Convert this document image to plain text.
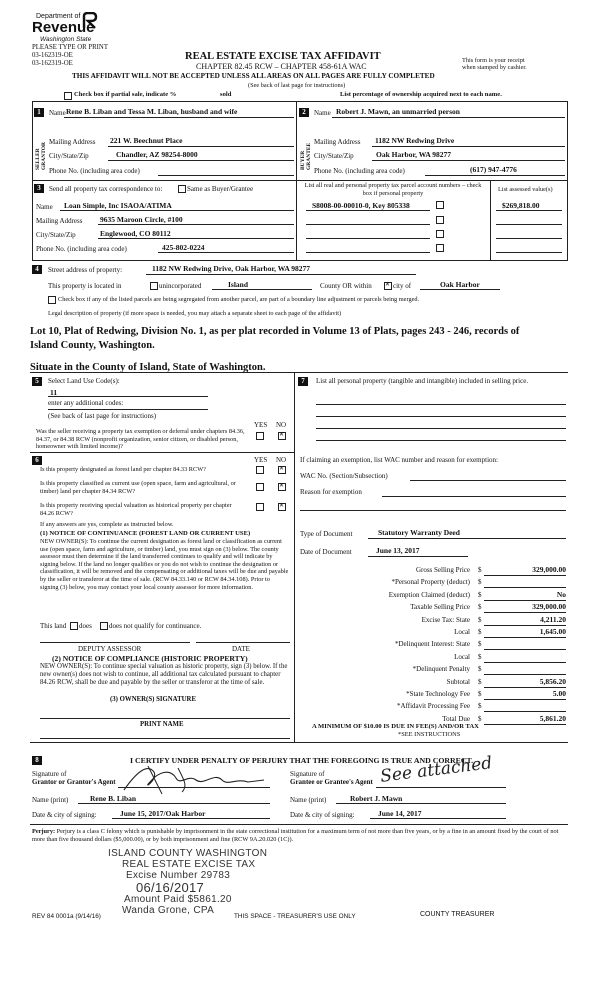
Department of
Revenue
Washington State
PLEASE TYPE OR PRINT
03-162319-OE
03-162319-OE
REAL ESTATE EXCISE TAX AFFIDAVIT
CHAPTER 82.45 RCW – CHAPTER 458-61A WAC
This form is your receipt
when stamped by cashier.
THIS AFFIDAVIT WILL NOT BE ACCEPTED UNLESS ALL AREAS ON ALL PAGES ARE FULLY COMPLETED
(See back of last page for instructions)
Check box if partial sale, indicate %	sold	List percentage of ownership acquired next to each name.
1	Name Rene B. Liban and Tessa M. Liban, husband and wife
SELLER GRANTOR Mailing Address 221 W. Beechnut Place
City/State/Zip	Chandler, AZ 98254-8000
Phone No. (including area code)
2	Name Robert J. Mawn, an unmarried person
BUYER GRANTEE
Mailing Address 1182 NW Redwing Drive
City/State/Zip	Oak Harbor, WA 98277
Phone No. (including area code)	(617) 947-4776
3	Send all property tax correspondence to:	Same as Buyer/Grantee
Name Loan Simple, Inc ISAOA/ATIMA
Mailing Address 9635 Maroon Circle, #100
City/State/Zip	Englewood, CO 80112
Phone No. (including area code)	425-802-0224
List all real and personal property tax parcel account numbers – check box if personal property
List assessed value(s)
S8008-00-00010-0, Key 805338	$269,818.00
4	Street address of property:	1182 NW Redwing Drive, Oak Harbor, WA 98277
This property is located in	unincorporated	Island	County OR within
✕	city of	Oak Harbor
Check box if any of the listed parcels are being segregated from another parcel, are part of a boundary line adjustment or parcels being merged.
Legal description of property (if more space is needed, you may attach a separate sheet to each page of the affidavit)
Lot 10, Plat of Redwing, Division No. 1, as per plat recorded in Volume 13 of Plats, pages 243 - 246, records of
Island County, Washington.
Situate in the County of Island, State of Washington.
5	Select Land Use Code(s):
11
enter any additional codes:
(See back of last page for instructions)
YES NO
Was the seller receiving a property tax exemption or deferral under chapters 84.36, 84.37, or 84.38 RCW (nonprofit organization, senior citizen, or disabled person, homeowner with limited income)?
✕
6	YES NO
Is this property designated as forest land per chapter 84.33 RCW?
✕
Is this property classified as current use (open space, farm and agricultural, or timber) land per chapter 84.34 RCW?
✕
Is this property receiving special valuation as historical property per chapter 84.26 RCW?
✕
If any answers are yes, complete as instructed below.
(1) NOTICE OF CONTINUANCE (FOREST LAND OR CURRENT USE)
NEW OWNER(S): To continue the current designation as forest land or classification as current use (open space, farm and agriculture, or timber) land, you must sign on (3) below. The county assessor must then determine if the land transferred continues to qualify and will indicate by signing below. If the land no longer qualifies or you do not wish to continue the designation or classification, it will be removed and the compensating or additional taxes will be due and payable by the seller or transferor at the time of sale. (RCW 84.33.140 or RCW 84.34.108). Prior to signing (3) below, you may contact your local county assessor for more information.
This land does does not qualify for continuance.
DEPUTY ASSESSOR	DATE
(2) NOTICE OF COMPLIANCE (HISTORIC PROPERTY)
NEW OWNER(S): To continue special valuation as historic property, sign (3) below. If the new owner(s) does not wish to continue, all additional tax calculated pursuant to chapter 84.26 RCW, shall be due and payable by the seller or transferor at the time of sale.
(3) OWNER(S) SIGNATURE
PRINT NAME
7	List all personal property (tangible and intangible) included in selling price.
If claiming an exemption, list WAC number and reason for exemption:
WAC No. (Section/Subsection)
Reason for exemption
Type of Document	Statutory Warranty Deed
Date of Document	June 13, 2017
Gross Selling Price $	329,000.00
*Personal Property (deduct) $
Exemption Claimed (deduct) $	No
Taxable Selling Price $	329,000.00
Excise Tax: State $	4,211.20
Local $	1,645.00
*Delinquent Interest: State $
Local $
*Delinquent Penalty $
Subtotal $	5,856.20
*State Technology Fee $	5.00
*Affidavit Processing Fee $
Total Due $	5,861.20
A MINIMUM OF $10.00 IS DUE IN FEE(S) AND/OR TAX
*SEE INSTRUCTIONS
8	I CERTIFY UNDER PENALTY OF PERJURY THAT THE FOREGOING IS TRUE AND CORRECT.
Signature of
Grantor or Grantor's Agent
Signature of
Grantee or Grantee's Agent See attached
Name (print)	Rene B. Liban	Name (print)	Robert J. Mawn
Date & city of signing:	June 15, 2017/Oak Harbor	Date & city of signing:	June 14, 2017
Perjury: Perjury is a class C felony which is punishable by imprisonment in the state correctional institution for a maximum term of not more than five years, or by a fine in an amount fixed by the court of not more than five thousand dollars ($5,000.00), or by both imprisonment and fine (RCW 9A.20.020 (1C)).
ISLAND COUNTY WASHINGTON
REAL ESTATE EXCISE TAX
Excise Number 29783
06/16/2017
Amount Paid $5861.20
Wanda Grone, CPA
REV 84 0001a (9/14/16)	THIS SPACE - TREASURER'S USE ONLY	COUNTY TREASURER
